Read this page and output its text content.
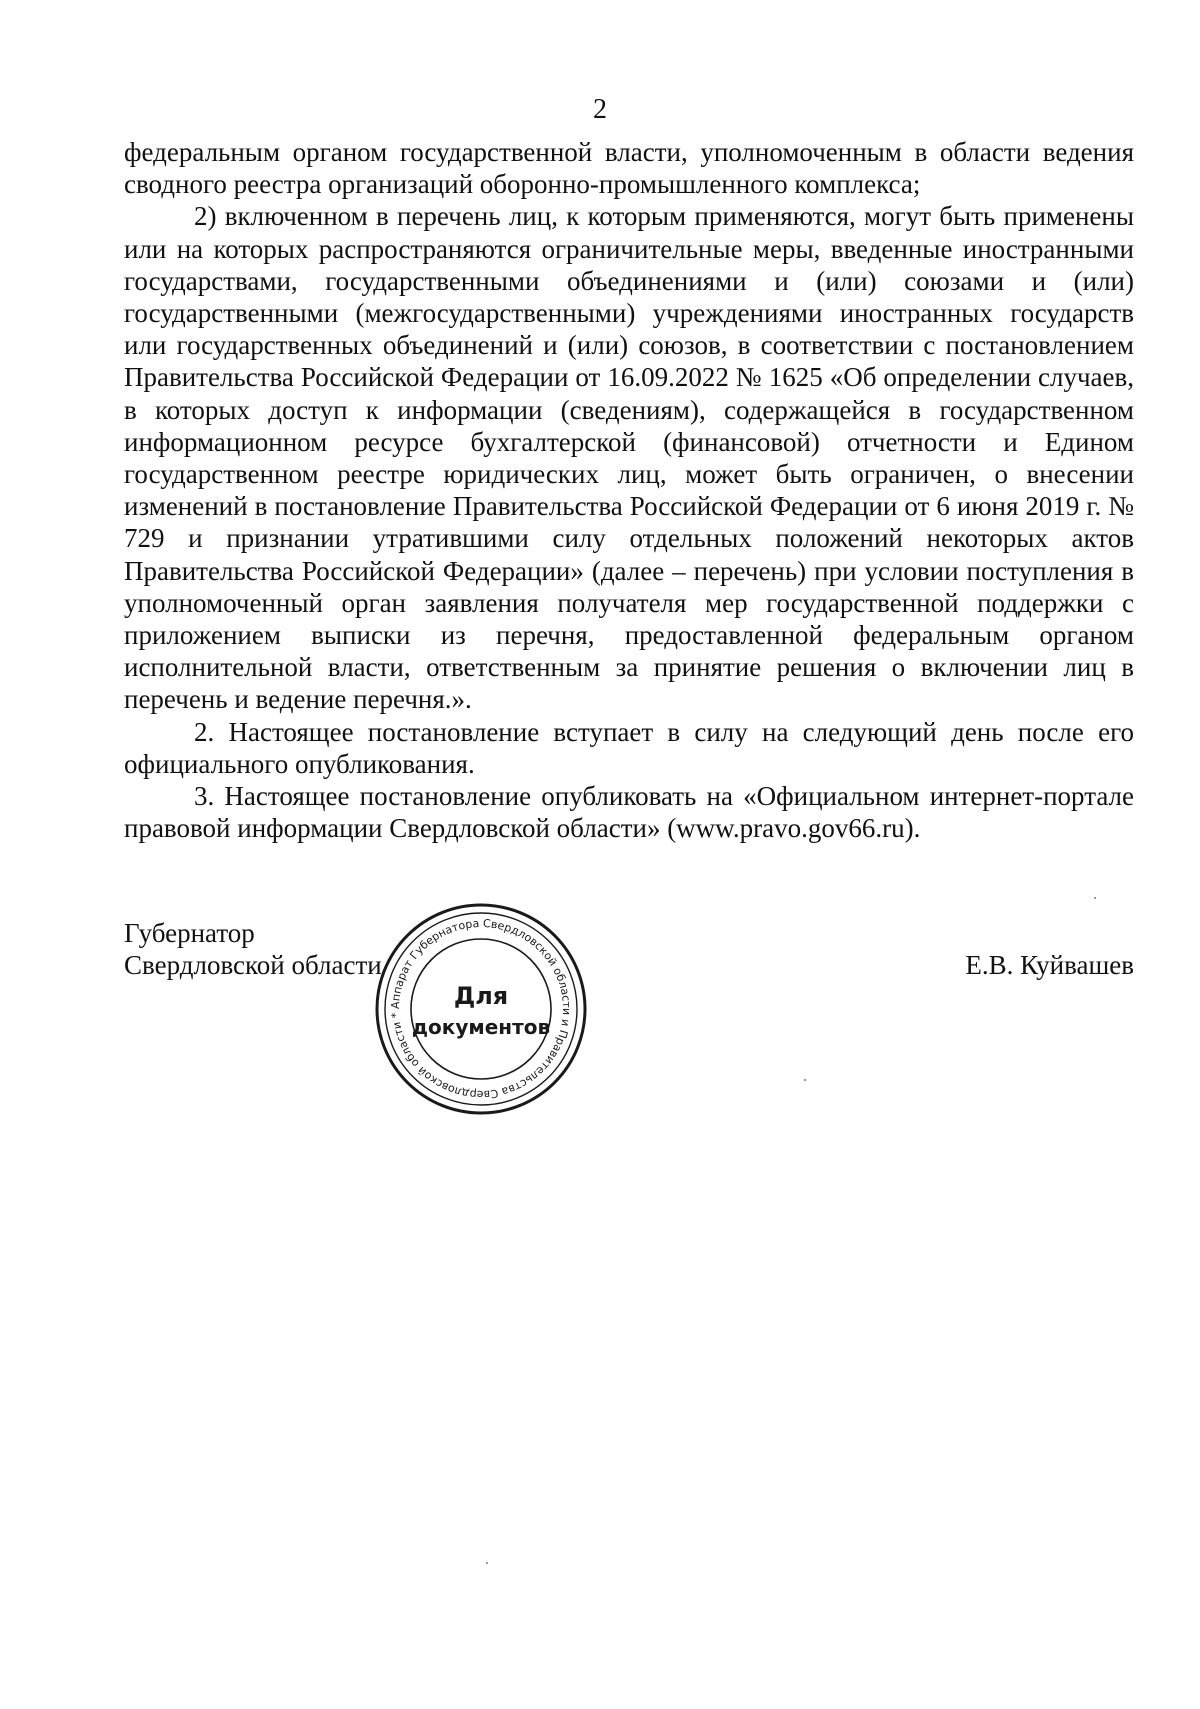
2

федеральным органом государственной власти, уполномоченным в области ведения сводного реестра организаций оборонно-промышленного комплекса;

2) включенном в перечень лиц, к которым применяются, могут быть применены или на которых распространяются ограничительные меры, введенные иностранными государствами, государственными объединениями и (или) союзами и (или) государственными (межгосударственными) учреждениями иностранных государств или государственных объединений и (или) союзов, в соответствии с постановлением Правительства Российской Федерации от 16.09.2022 № 1625 «Об определении случаев, в которых доступ к информации (сведениям), содержащейся в государственном информационном ресурсе бухгалтерской (финансовой) отчетности и Едином государственном реестре юридических лиц, может быть ограничен, о внесении изменений в постановление Правительства Российской Федерации от 6 июня 2019 г. № 729 и признании утратившими силу отдельных положений некоторых актов Правительства Российской Федерации» (далее – перечень) при условии поступления в уполномоченный орган заявления получателя мер государственной поддержки с приложением выписки из перечня, предоставленной федеральным органом исполнительной власти, ответственным за принятие решения о включении лиц в перечень и ведение перечня.».

2. Настоящее постановление вступает в силу на следующий день после его официального опубликования.

3. Настоящее постановление опубликовать на «Официальном интернет-портале правовой информации Свердловской области» (www.pravo.gov66.ru).

Губернатор
Свердловской области	Е.В. Куйвашев
Аппарат Губернатора Свердловской области и Правительства Свердловской области *
Для
документов
